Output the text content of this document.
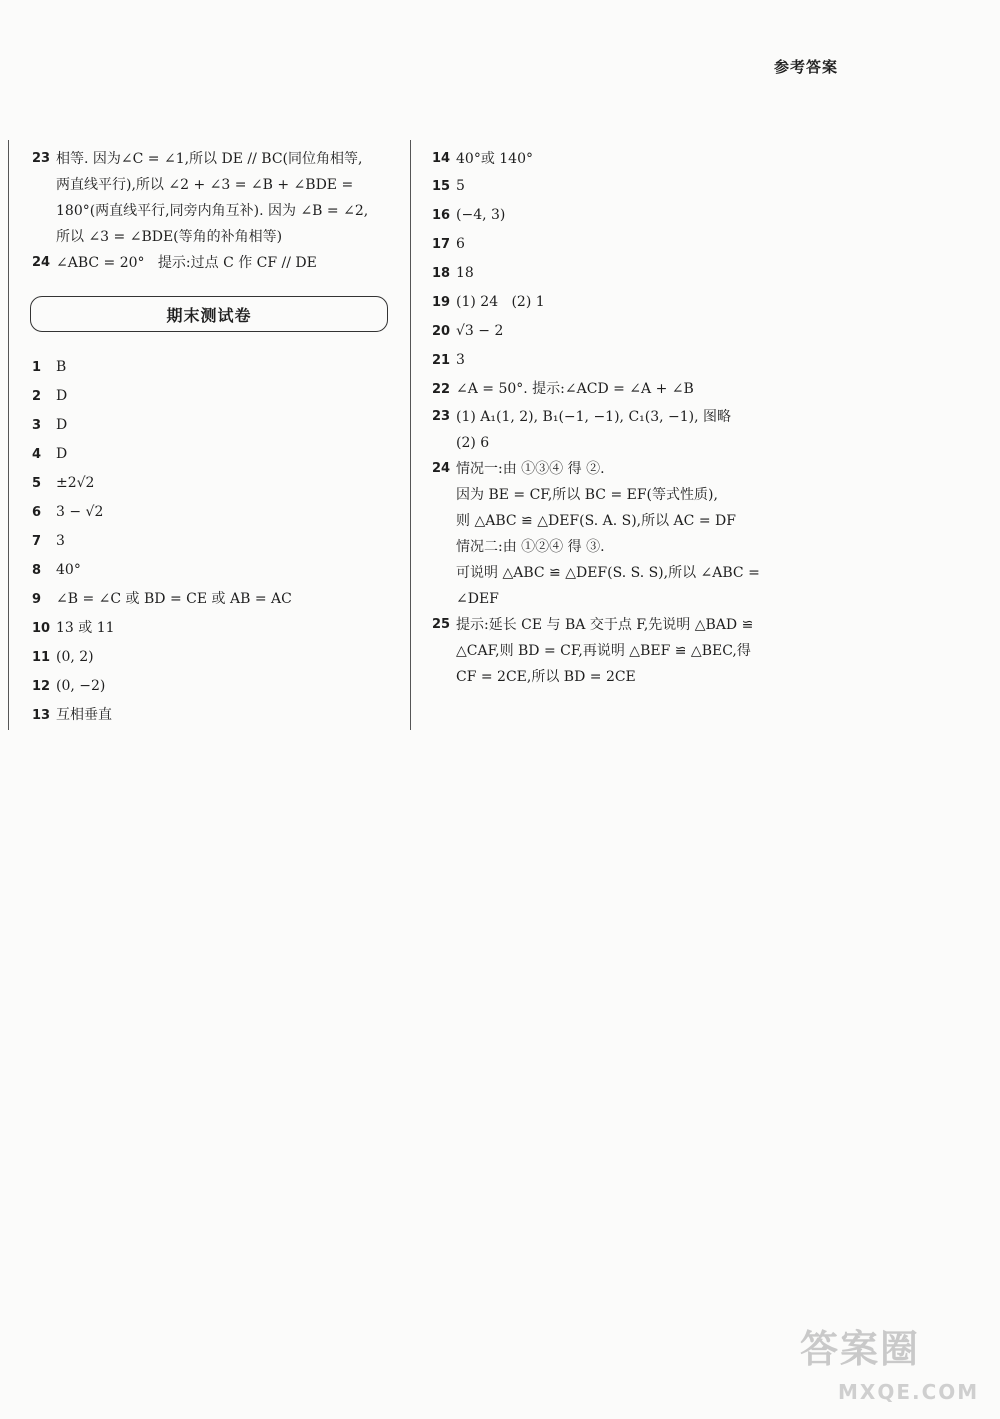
参考答案
23 相等. 因为∠C = ∠1,所以 DE // BC(同位角相等,
两直线平行),所以 ∠2 + ∠3 = ∠B + ∠BDE =
180°(两直线平行,同旁内角互补). 因为 ∠B = ∠2,
所以 ∠3 = ∠BDE(等角的补角相等)
24 ∠ABC = 20°   提示:过点 C 作 CF // DE
期末测试卷
1	B
2	D
3	D
4	D
5	±2√2
6	3 − √2
7	3
8	40°
9	∠B = ∠C 或 BD = CE 或 AB = AC
10 13 或 11
11 (0, 2)
12 (0, −2)
13 互相垂直
14 40°或 140°
15 5
16 (−4, 3)
17 6
18 18
19 (1) 24   (2) 1
20 √3 − 2
21 3
22 ∠A = 50°. 提示:∠ACD = ∠A + ∠B
23 (1) A₁(1, 2), B₁(−1, −1), C₁(3, −1), 图略
(2) 6
24 情况一:由 ①③④ 得 ②.
因为 BE = CF,所以 BC = EF(等式性质),
则 △ABC ≌ △DEF(S. A. S),所以 AC = DF
情况二:由 ①②④ 得 ③.
可说明 △ABC ≌ △DEF(S. S. S),所以 ∠ABC =
∠DEF
25 提示:延长 CE 与 BA 交于点 F,先说明 △BAD ≌
△CAF,则 BD = CF,再说明 △BEF ≌ △BEC,得
CF = 2CE,所以 BD = 2CE
答案圈
MXQE.COM
